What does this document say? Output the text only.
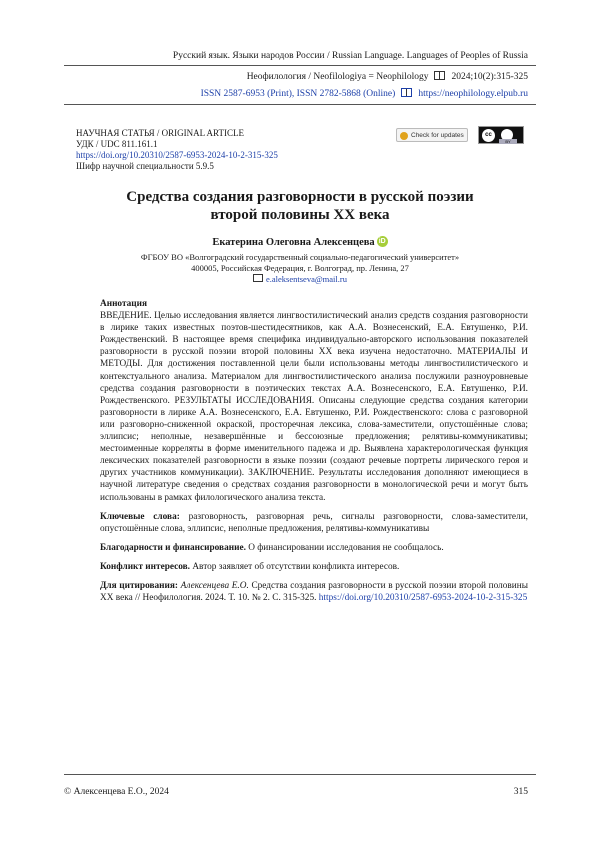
Русский язык. Языки народов России / Russian Language. Languages of Peoples of Russia
Неофилология / Neofilologiya = Neophilology 2024;10(2):315-325
ISSN 2587-6953 (Print), ISSN 2782-5868 (Online) https://neophilology.elpub.ru
НАУЧНАЯ СТАТЬЯ / ORIGINAL ARTICLE
УДК / UDC 811.161.1
https://doi.org/10.20310/2587-6953-2024-10-2-315-325
Шифр научной специальности 5.9.5
Check for updates	cc
BY
Средства создания разговорности в русской поэзии
второй половины XX века
Екатерина Олеговна Алексенцева iD
ФГБОУ ВО «Волгоградский государственный социально-педагогический университет»
400005, Российская Федерация, г. Волгоград, пр. Ленина, 27
e.aleksentseva@mail.ru
Аннотация
ВВЕДЕНИЕ. Целью исследования является лингвостилистический анализ средств создания разговорности в лирике таких известных поэтов-шестидесятников, как А.А. Вознесенский, Е.А. Евтушенко, Р.И. Рождественский. В настоящее время специфика индивидуально-авторского использования показателей разговорности в русской поэзии второй половины XX века изучена недостаточно. МАТЕРИАЛЫ И МЕТОДЫ. Для достижения поставленной цели были использованы методы лингвостилистического и контекстуального анализа. Материалом для лингвостилистического анализа послужили разноуровневые средства создания разговорности в поэтических текстах А.А. Вознесенского, Е.А. Евтушенко, Р.И. Рождественского. РЕЗУЛЬТАТЫ ИССЛЕДОВАНИЯ. Описаны следующие средства создания категории разговорности в лирике А.А. Вознесенского, Е.А. Евтушенко, Р.И. Рождественского: слова с разговорной или разговорно-сниженной окраской, просторечная лексика, слова-заместители, опустошённые слова; эллипсис; неполные, незавершённые и бессоюзные предложения; релятивы-коммуникативы; местоименные корреляты в форме именительного падежа и др. Выявлена характерологическая функция лексических показателей разговорности в языке поэзии (создают речевые портреты лирического героя и других участников коммуникации). ЗАКЛЮЧЕНИЕ. Результаты исследования дополняют имеющиеся в научной литературе сведения о средствах создания разговорности в монологической речи и могут быть использованы в рамках филологического анализа текста.
Ключевые слова: разговорность, разговорная речь, сигналы разговорности, слова-заместители, опустошённые слова, эллипсис, неполные предложения, релятивы-коммуникативы
Благодарности и финансирование. О финансировании исследования не сообщалось.
Конфликт интересов. Автор заявляет об отсутствии конфликта интересов.
Для цитирования: Алексенцева Е.О. Средства создания разговорности в русской поэзии второй половины XX века // Неофилология. 2024. Т. 10. № 2. С. 315-325. https://doi.org/10.20310/2587-6953-2024-10-2-315-325
© Алексенцева Е.О., 2024	315
